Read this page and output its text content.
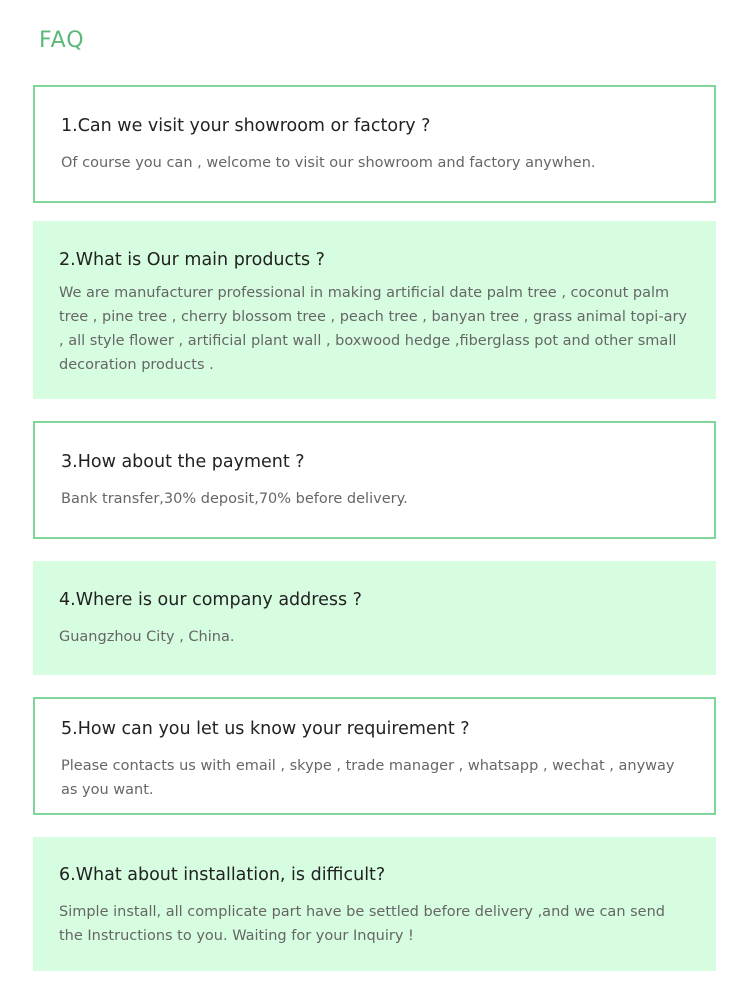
FAQ

1.Can we visit your showroom or factory ?

Of course you can , welcome to visit our showroom and factory anywhen.

2.What is Our main products ?

We are manufacturer professional in making artificial date palm tree , coconut palm tree , pine tree , cherry blossom tree , peach tree , banyan tree , grass animal topi-ary , all style flower , artificial plant wall , boxwood hedge ,fiberglass pot and other small decoration products .

3.How about the payment ?

Bank transfer,30% deposit,70% before delivery.

4.Where is our company address ?

Guangzhou City , China.

5.How can you let us know your requirement ?

Please contacts us with email , skype , trade manager , whatsapp , wechat , anyway as you want.

6.What about installation, is difficult?

Simple install, all complicate part have be settled before delivery ,and we can send the Instructions to you. Waiting for your Inquiry !
